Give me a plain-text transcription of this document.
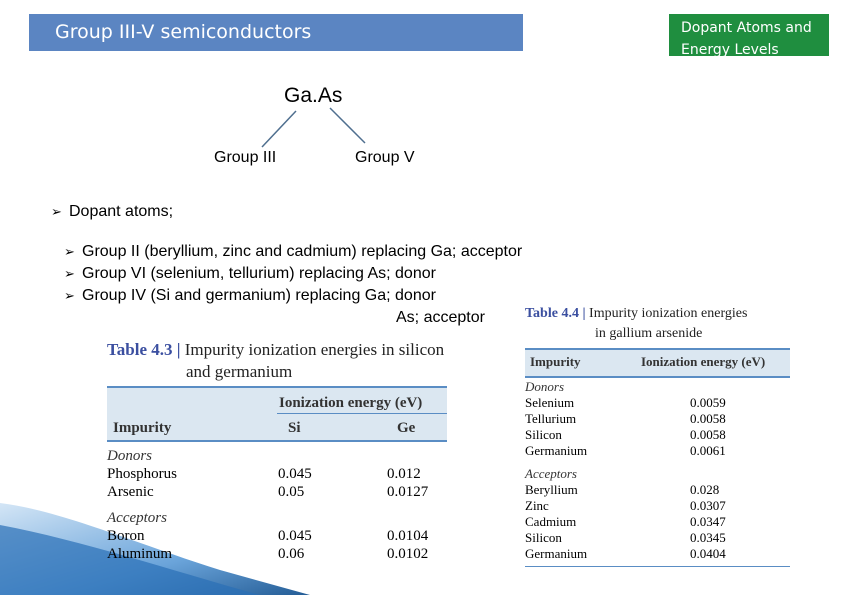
Group III-V semiconductors	Dopant Atoms and
Energy Levels
Ga.As
Group III	Group V
➢ Dopant atoms;
➢ Group II (beryllium, zinc and cadmium) replacing Ga; acceptor
➢ Group VI (selenium, tellurium) replacing As; donor
➢ Group IV (Si and germanium) replacing Ga; donor
As; acceptor
Table 4.3 | Impurity ionization energies in silicon
and germanium
Ionization energy (eV)
Impurity	Si	Ge
Donors
Phosphorus	0.045	0.012
Arsenic	0.05	0.0127
Acceptors
Boron	0.045	0.0104
Aluminum	0.06	0.0102
Table 4.4 | Impurity ionization energies
in gallium arsenide
Impurity	Ionization energy (eV)
Donors
Selenium	0.0059
Tellurium	0.0058
Silicon	0.0058
Germanium	0.0061
Acceptors
Beryllium	0.028
Zinc	0.0307
Cadmium	0.0347
Silicon	0.0345
Germanium	0.0404
